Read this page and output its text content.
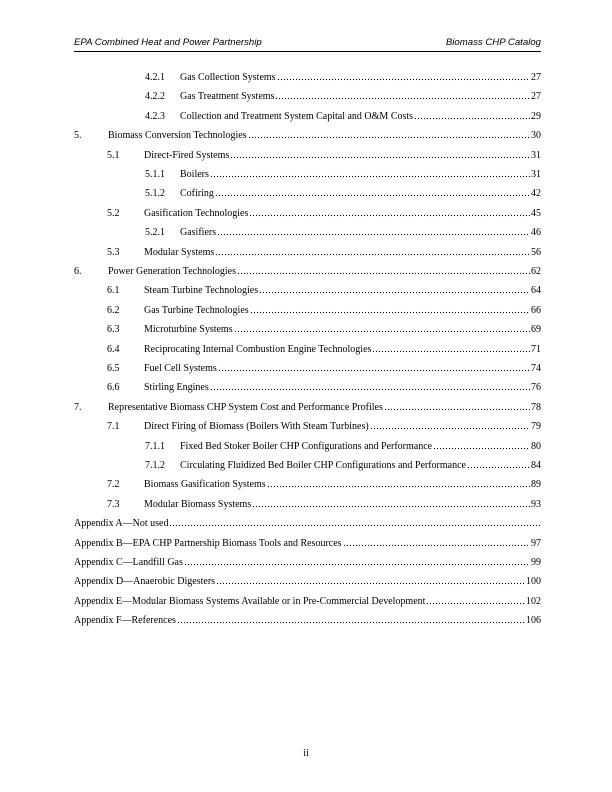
EPA Combined Heat and Power Partnership	Biomass CHP Catalog
4.2.1	Gas Collection Systems	27
4.2.2	Gas Treatment Systems	27
4.2.3	Collection and Treatment System Capital and O&M Costs	29
5.	Biomass Conversion Technologies	30
5.1	Direct-Fired Systems	31
5.1.1	Boilers	31
5.1.2	Cofiring	42
5.2	Gasification Technologies	45
5.2.1	Gasifiers	46
5.3	Modular Systems	56
6.	Power Generation Technologies	62
6.1	Steam Turbine Technologies	64
6.2	Gas Turbine Technologies	66
6.3	Microturbine Systems	69
6.4	Reciprocating Internal Combustion Engine Technologies	71
6.5	Fuel Cell Systems	74
6.6	Stirling Engines	76
7.	Representative Biomass CHP System Cost and Performance Profiles	78
7.1	Direct Firing of Biomass (Boilers With Steam Turbines)	79
7.1.1	Fixed Bed Stoker Boiler CHP Configurations and Performance	80
7.1.2	Circulating Fluidized Bed Boiler CHP Configurations and Performance	84
7.2	Biomass Gasification Systems	89
7.3	Modular Biomass Systems	93
Appendix A—Not used
Appendix B—EPA CHP Partnership Biomass Tools and Resources	97
Appendix C—Landfill Gas	99
Appendix D—Anaerobic Digesters	100
Appendix E—Modular Biomass Systems Available or in Pre-Commercial Development	102
Appendix F—References	106
ii
